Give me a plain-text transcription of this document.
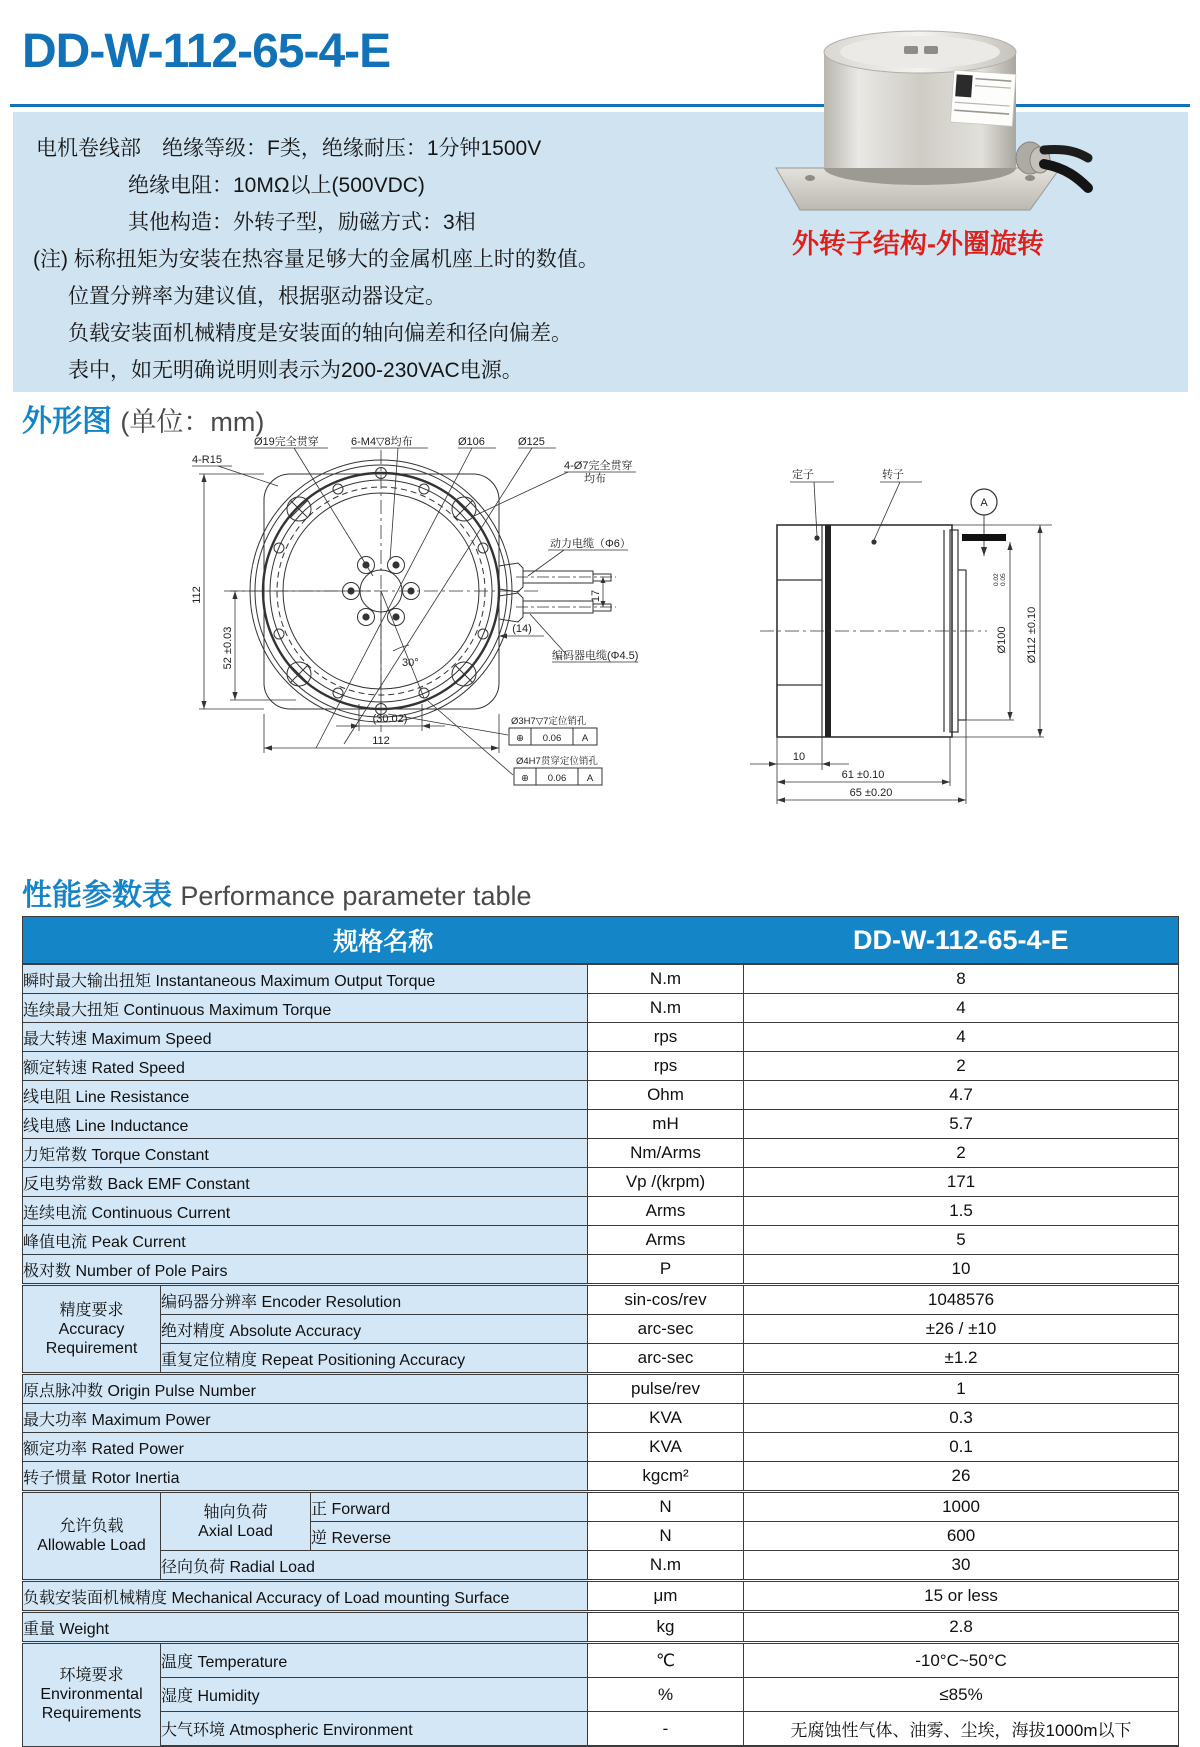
DD-W-112-65-4-E
电机卷线部　绝缘等级：F类，绝缘耐压：1分钟1500V
绝缘电阻：10MΩ以上(500VDC)
其他构造：外转子型，励磁方式：3相
(注) 标称扭矩为安装在热容量足够大的金属机座上时的数值。
位置分辨率为建议值，根据驱动器设定。
负载安装面机械精度是安装面的轴向偏差和径向偏差。
表中，如无明确说明则表示为200-230VAC电源。
外转子结构-外圈旋转
外形图 (单位：mm)
4-R15
Ø19完全贯穿	6-M4▽8均布	Ø106	Ø125
4-Ø7完全贯穿
均布
动力电缆（Φ6）
编码器电缆(Φ4.5)
112
52 ±0.03
(30.02)
112
17
(14)
30°
Ø3H7▽7定位销孔
⊕ 0.06 A
Ø4H7贯穿定位销孔
⊕ 0.06 A
定子	转子
A
Ø100
0.02 0.05
Ø112 ±0.10
10
61 ±0.10
65 ±0.20
性能参数表 Performance parameter table
规格名称				DD-W-112-65-4-E
瞬时最大输出扭矩 Instantaneous Maximum Output Torque			N.m	8
连续最大扭矩 Continuous Maximum Torque			N.m	4
最大转速 Maximum Speed			rps	4
额定转速 Rated Speed			rps	2
线电阻 Line Resistance			Ohm	4.7
线电感 Line Inductance			mH	5.7
力矩常数 Torque Constant			Nm/Arms	2
反电势常数 Back EMF Constant			Vp /(krpm)	171
连续电流 Continuous Current			Arms	1.5
峰值电流 Peak Current			Arms	5
极对数 Number of Pole Pairs			P	10

精度要求
Accuracy
Requirement	编码器分辨率 Encoder Resolution		sin-cos/rev	1048576
	绝对精度 Absolute Accuracy		arc-sec	±26 / ±10
	重复定位精度 Repeat Positioning Accuracy		arc-sec	±1.2
原点脉冲数 Origin Pulse Number			pulse/rev	1
最大功率 Maximum Power			KVA	0.3
额定功率 Rated Power			KVA	0.1
转子惯量 Rotor Inertia			kgcm²	26

允许负载
Allowable Load

轴向负荷
Axial Load
	正 Forward	N	1000
		逆 Reverse	N	600
	径向负荷 Radial Load		N.m	30
负载安装面机械精度 Mechanical Accuracy of Load mounting Surface			μm	15 or less
重量 Weight			kg	2.8

环境要求
Environmental
Requirements	温度 Temperature		℃	-10°C~50°C
	湿度 Humidity		%	≤85%
	大气环境 Atmospheric Environment		-	无腐蚀性气体、油雾、尘埃，海拔1000m以下
